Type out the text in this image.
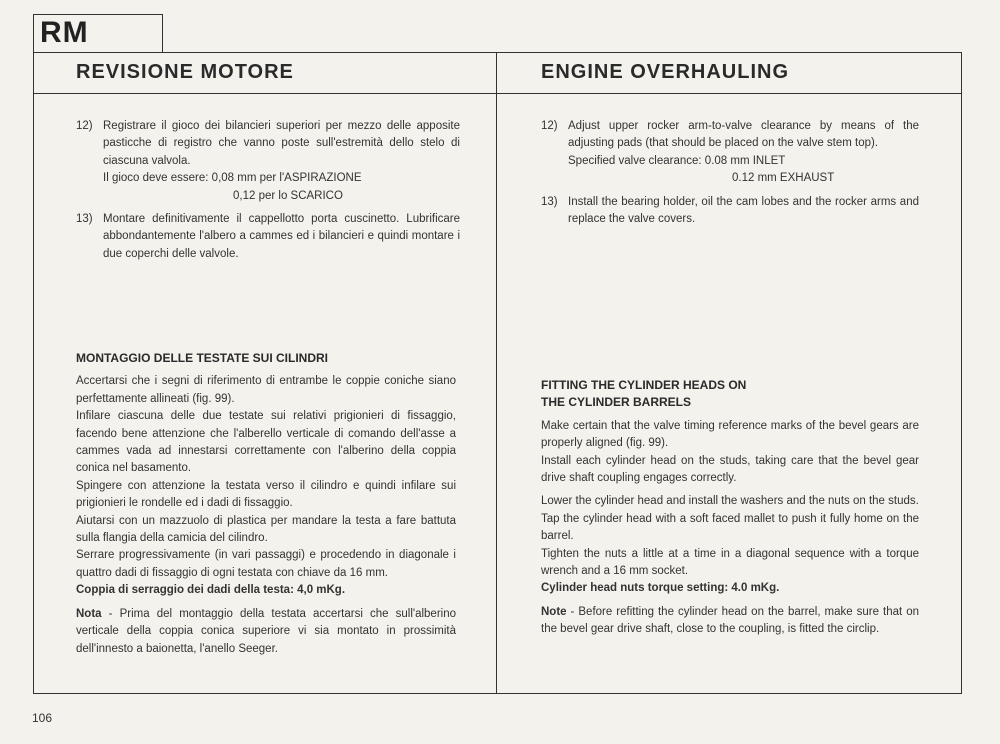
RM
REVISIONE MOTORE	ENGINE OVERHAULING
12) Registrare il gioco dei bilancieri superiori per mezzo delle apposite pasticche di registro che vanno poste sull'estremità dello stelo di ciascuna valvola.

Il gioco deve essere: 0,08 mm per l'ASPIRAZIONE

0,12 per lo SCARICO

13) Montare definitivamente il cappellotto porta cuscinetto. Lubrificare abbondantemente l'albero a cammes ed i bilancieri e quindi montare i due coperchi delle valvole.

12) Adjust upper rocker arm-to-valve clearance by means of the adjusting pads (that should be placed on the valve stem top).

Specified valve clearance: 0.08 mm INLET

0.12 mm EXHAUST

13) Install the bearing holder, oil the cam lobes and the rocker arms and replace the valve covers.

MONTAGGIO DELLE TESTATE SUI CILINDRI

Accertarsi che i segni di riferimento di entrambe le coppie coniche siano perfettamente allineati (fig. 99).

Infilare ciascuna delle due testate sui relativi prigionieri di fissaggio, facendo bene attenzione che l'alberello verticale di comando dell'asse a cammes vada ad innestarsi correttamente con l'alberino della coppia conica nel basamento.

Spingere con attenzione la testata verso il cilindro e quindi infilare sui prigionieri le rondelle ed i dadi di fissaggio.

Aiutarsi con un mazzuolo di plastica per mandare la testa a fare battuta sulla flangia della camicia del cilindro.

Serrare progressivamente (in vari passaggi) e procedendo in diagonale i quattro dadi di fissaggio di ogni testata con chiave da 16 mm.

Coppia di serraggio dei dadi della testa: 4,0 mKg.

Nota - Prima del montaggio della testata accertarsi che sull'alberino verticale della coppia conica superiore vi sia montato in prossimità dell'innesto a baionetta, l'anello Seeger.

FITTING THE CYLINDER HEADS ON

THE CYLINDER BARRELS

Make certain that the valve timing reference marks of the bevel gears are properly aligned (fig. 99).

Install each cylinder head on the studs, taking care that the bevel gear drive shaft coupling engages correctly.

Lower the cylinder head and install the washers and the nuts on the studs.

Tap the cylinder head with a soft faced mallet to push it fully home on the barrel.

Tighten the nuts a little at a time in a diagonal sequence with a torque wrench and a 16 mm socket.

Cylinder head nuts torque setting: 4.0 mKg.

Note - Before refitting the cylinder head on the barrel, make sure that on the bevel gear drive shaft, close to the coupling, is fitted the circlip.

106
